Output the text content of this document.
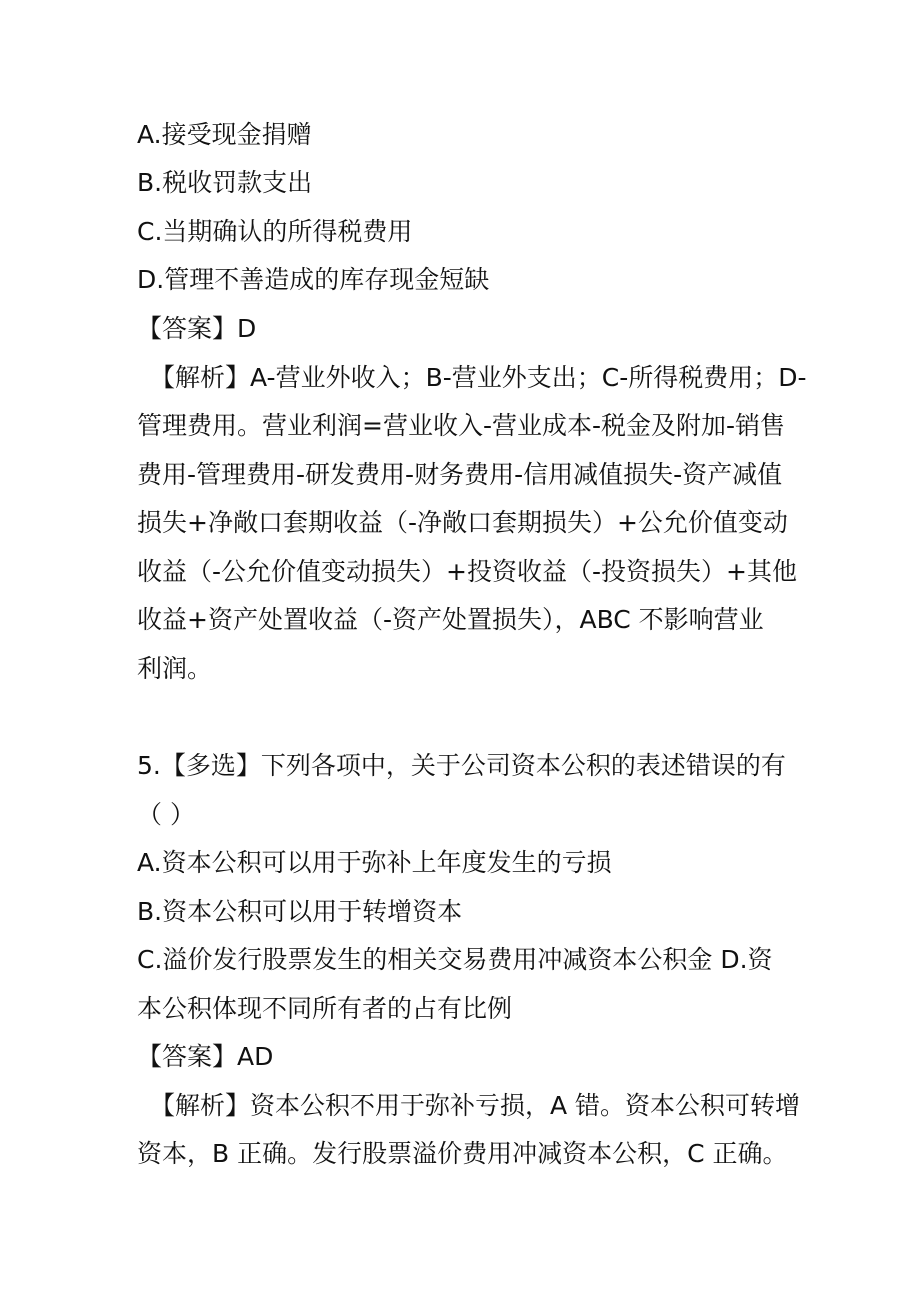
A.接受现金捐赠

B.税收罚款支出

C.当期确认的所得税费用

D.管理不善造成的库存现金短缺

【答案】D

【解析】A-营业外收入；B-营业外支出；C-所得税费用；D-

管理费用。营业利润=营业收入-营业成本-税金及附加-销售

费用-管理费用-研发费用-财务费用-信用减值损失-资产减值

损失+净敞口套期收益（-净敞口套期损失）+公允价值变动

收益（-公允价值变动损失）+投资收益（-投资损失）+其他

收益+资产处置收益（-资产处置损失），ABC 不影响营业

利润。

5.【多选】下列各项中，关于公司资本公积的表述错误的有

（ ）

A.资本公积可以用于弥补上年度发生的亏损

B.资本公积可以用于转增资本

C.溢价发行股票发生的相关交易费用冲减资本公积金 D.资

本公积体现不同所有者的占有比例

【答案】AD

【解析】资本公积不用于弥补亏损，A 错。资本公积可转增

资本，B 正确。发行股票溢价费用冲减资本公积，C 正确。
